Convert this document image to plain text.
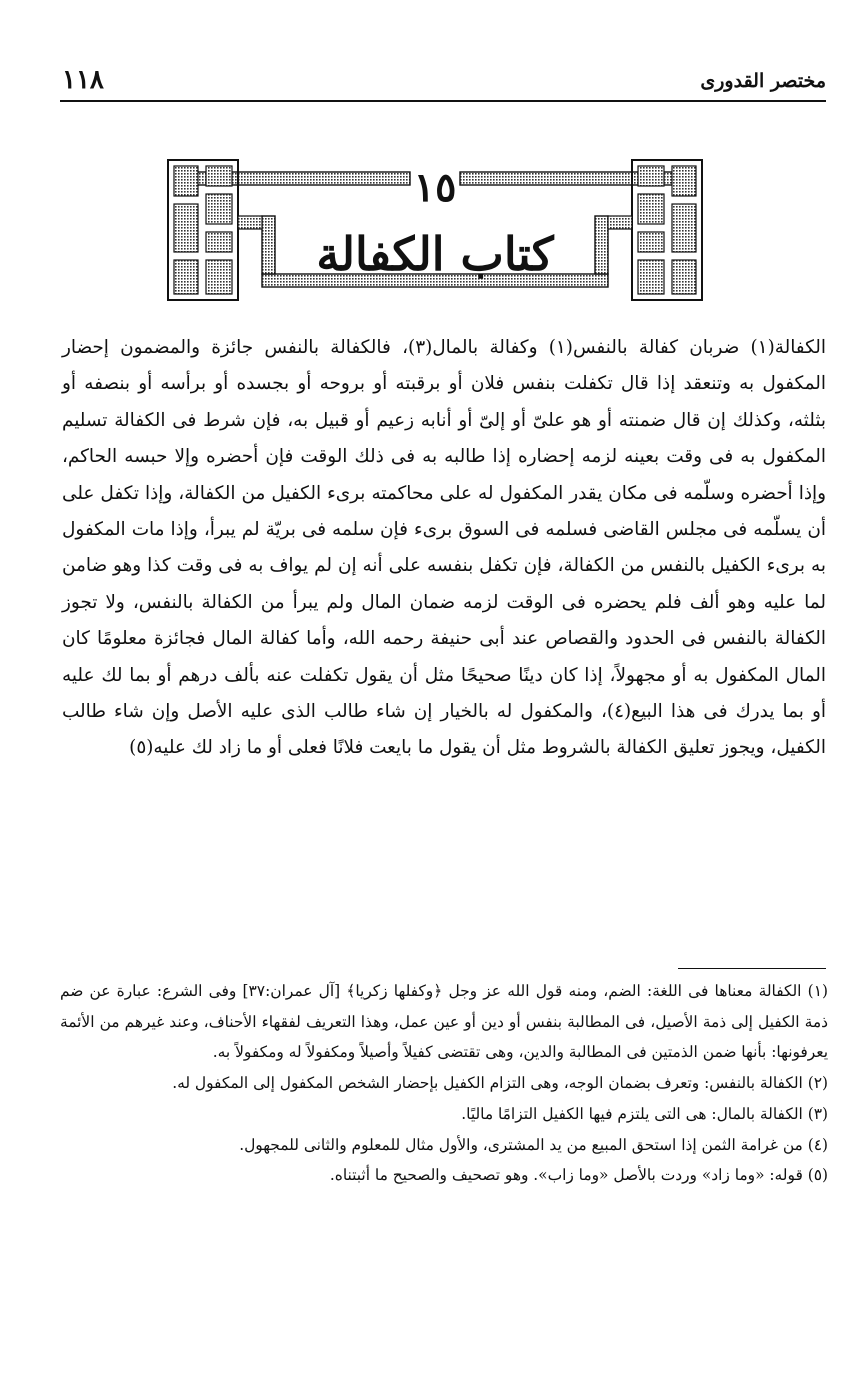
١١٨	مختصر القدورى
١٥
كتاب الكفالة

الكفالة(١) ضربان كفالة بالنفس(١) وكفالة بالمال(٣)، فالكفالة بالنفس جائزة والمضمون إحضار المكفول به وتنعقد إذا قال تكفلت بنفس فلان أو برقبته أو بروحه أو بجسده أو برأسه أو بنصفه أو بثلثه، وكذلك إن قال ضمنته أو هو علىّ أو إلىّ أو أنابه زعيم أو قبيل به، فإن شرط فى الكفالة تسليم المكفول به فى وقت بعينه لزمه إحضاره إذا طالبه به فى ذلك الوقت فإن أحضره وإلا حبسه الحاكم، وإذا أحضره وسلّمه فى مكان يقدر المكفول له على محاكمته برىء الكفيل من الكفالة، وإذا تكفل على أن يسلّمه فى مجلس القاضى فسلمه فى السوق برىء فإن سلمه فى بريّة لم يبرأ، وإذا مات المكفول به برىء الكفيل بالنفس من الكفالة، فإن تكفل بنفسه على أنه إن لم يواف به فى وقت كذا وهو ضامن لما عليه وهو ألف فلم يحضره فى الوقت لزمه ضمان المال ولم يبرأ من الكفالة بالنفس، ولا تجوز الكفالة بالنفس فى الحدود والقصاص عند أبى حنيفة رحمه الله، وأما كفالة المال فجائزة معلومًا كان المال المكفول به أو مجهولاً، إذا كان دينًا صحيحًا مثل أن يقول تكفلت عنه بألف درهم أو بما لك عليه أو بما يدرك فى هذا البيع(٤)، والمكفول له بالخيار إن شاء طالب الذى عليه الأصل وإن شاء طالب الكفيل، ويجوز تعليق الكفالة بالشروط مثل أن يقول ما بايعت فلانًا فعلى أو ما زاد لك عليه(٥)

(١) الكفالة معناها فى اللغة: الضم، ومنه قول الله عز وجل ﴿وكفلها زكريا﴾ [آل عمران:٣٧] وفى الشرع: عبارة عن ضم ذمة الكفيل إلى ذمة الأصيل، فى المطالبة بنفس أو دين أو عين عمل، وهذا التعريف لفقهاء الأحناف، وعند غيرهم من الأئمة يعرفونها: بأنها ضمن الذمتين فى المطالبة والدين، وهى تقتضى كفيلاً وأصيلاً ومكفولاً له ومكفولاً به.

(٢) الكفالة بالنفس: وتعرف بضمان الوجه، وهى التزام الكفيل بإحضار الشخص المكفول إلى المكفول له.

(٣) الكفالة بالمال: هى التى يلتزم فيها الكفيل التزامًا ماليًا.

(٤) من غرامة الثمن إذا استحق المبيع من يد المشترى، والأول مثال للمعلوم والثانى للمجهول.

(٥) قوله: «وما زاد» وردت بالأصل «وما زاب». وهو تصحيف والصحيح ما أثبتناه.
